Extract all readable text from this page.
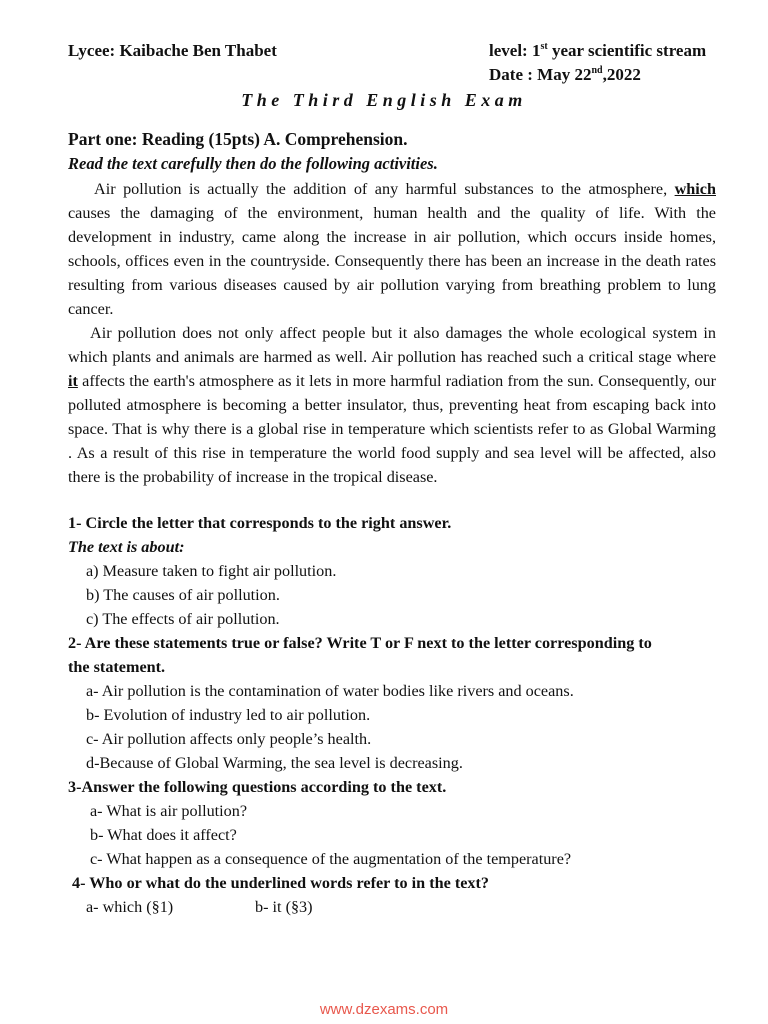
Lycee: Kaibache Ben Thabet	level: 1st year scientific stream
Date : May 22nd,2022
The Third English Exam
Part one: Reading (15pts) A. Comprehension.
Read the text carefully then do the following activities.

Air pollution is actually the addition of any harmful substances to the atmosphere, which causes the damaging of the environment, human health and the quality of life. With the development in industry, came along the increase in air pollution, which occurs inside homes, schools, offices even in the countryside. Consequently there has been an increase in the death rates resulting from various diseases caused by air pollution varying from breathing problem to lung cancer.

Air pollution does not only affect people but it also damages the whole ecological system in which plants and animals are harmed as well. Air pollution has reached such a critical stage where it affects the earth's atmosphere as it lets in more harmful radiation from the sun. Consequently, our polluted atmosphere is becoming a better insulator, thus, preventing heat from escaping back into space. That is why there is a global rise in temperature which scientists refer to as Global Warming . As a result of this rise in temperature the world food supply and sea level will be affected, also there is the probability of increase in the tropical disease.

1- Circle the letter that corresponds to the right answer.
The text is about:
a) Measure taken to fight air pollution.
b) The causes of air pollution.
c) The effects of air pollution.
2- Are these statements true or false? Write T or F next to the letter corresponding to
the statement.
a- Air pollution is the contamination of water bodies like rivers and oceans.
b- Evolution of industry led to air pollution.
c- Air pollution affects only people’s health.
d-Because of Global Warming, the sea level is decreasing.
3-Answer the following questions according to the text.
a- What is air pollution?
b- What does it affect?
c- What happen as a consequence of the augmentation of the temperature?
4- Who or what do the underlined words refer to in the text?
a- which (§1)	b- it (§3)
www.dzexams.com
